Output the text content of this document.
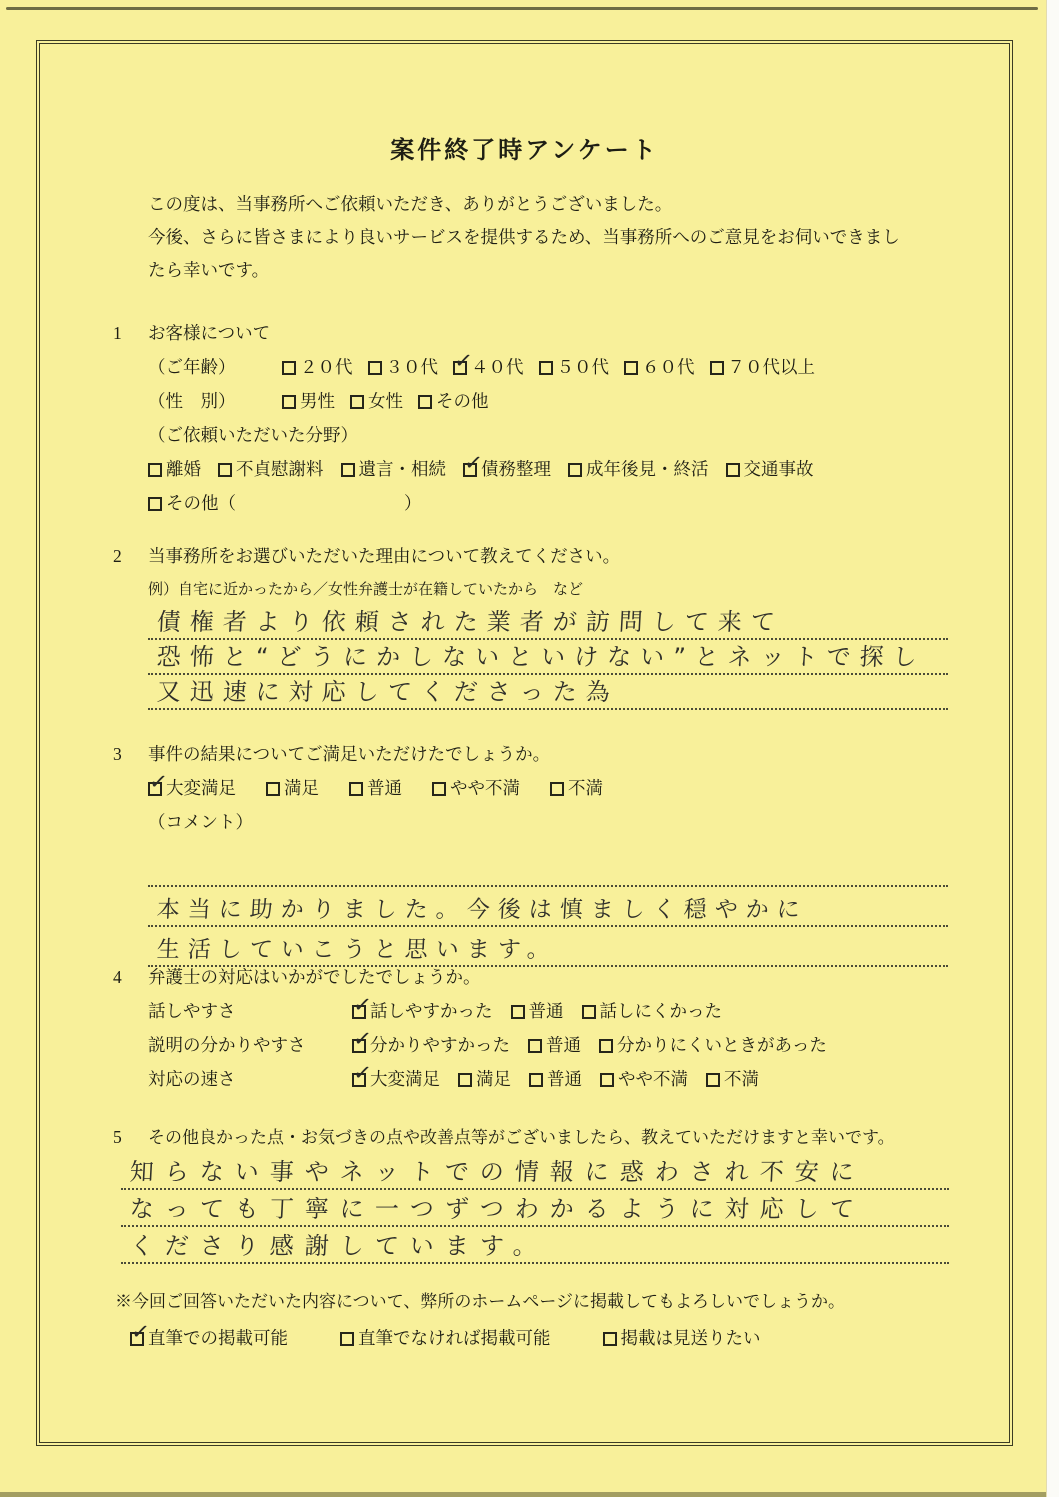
案件終了時アンケート
この度は、当事務所へご依頼いただき、ありがとうございました。
今後、さらに皆さまにより良いサービスを提供するため、当事務所へのご意見をお伺いできまし
たら幸いです。
1 お客様について
（ご年齢）	２０代	３０代 ✓
４０代	５０代	６０代	７０代以上
（性　別）	男性	女性	その他
（ご依頼いただいた分野）
離婚	不貞慰謝料	遺言・相続 ✓
債務整理	成年後見・終活	交通事故
その他（	）
2 当事務所をお選びいただいた理由について教えてください。
例）自宅に近かったから／女性弁護士が在籍していたから　など
債権者より依頼された業者が訪問して来て
恐怖と“どうにかしないといけない”とネットで探し
又迅速に対応してくださった為
3 事件の結果についてご満足いただけたでしょうか。
✓
大変満足	満足	普通	やや不満	不満
（コメント）
本当に助かりました。今後は慎ましく穏やかに
生活していこうと思います。
4 弁護士の対応はいかがでしたでしょうか。
話しやすさ	✓
話しやすかった	普通	話しにくかった
説明の分かりやすさ	✓
分かりやすかった	普通	分かりにくいときがあった
対応の速さ	✓
大変満足	満足	普通	やや不満	不満
5 その他良かった点・お気づきの点や改善点等がございましたら、教えていただけますと幸いです。
知らない事やネットでの情報に惑わされ不安に
なっても丁寧に一つずつわかるように対応して
くださり感謝しています。
※今回ご回答いただいた内容について、弊所のホームページに掲載してもよろしいでしょうか。
✓
直筆での掲載可能	直筆でなければ掲載可能	掲載は見送りたい
